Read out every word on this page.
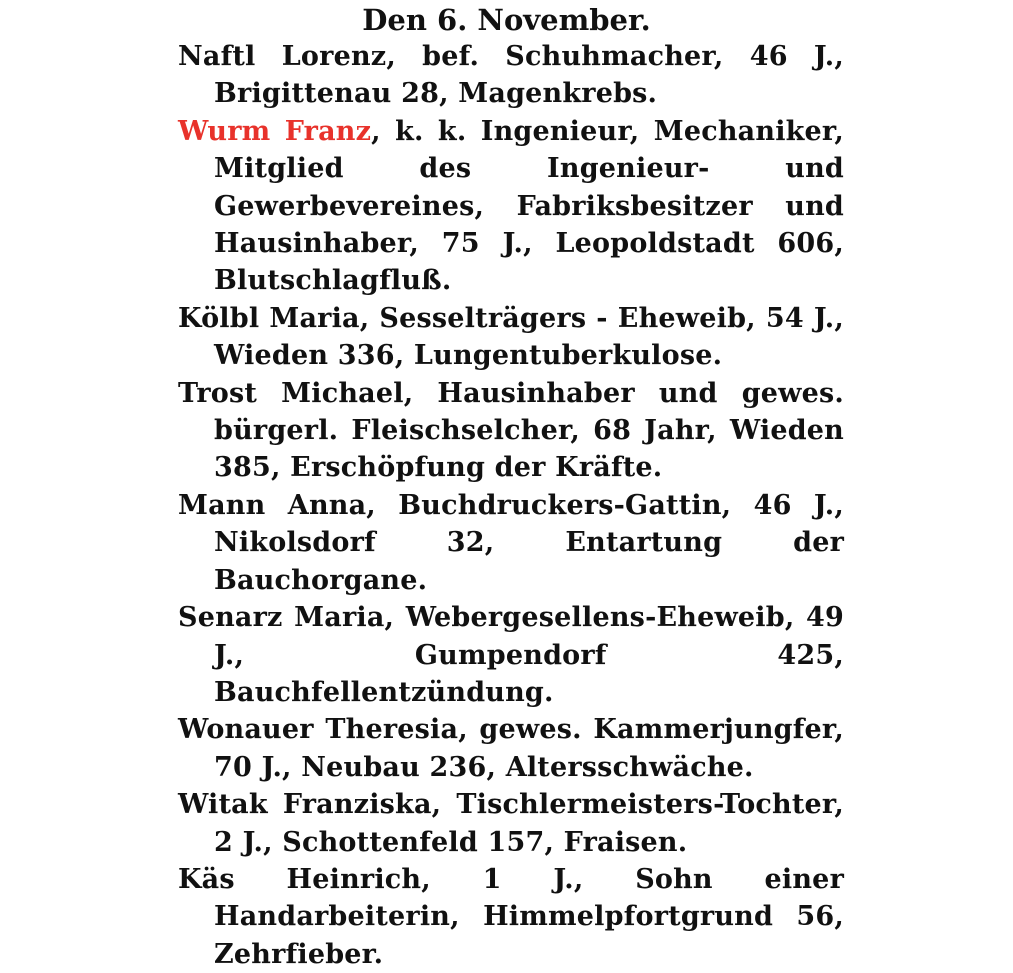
Den 6. November.

Naftl Lorenz, bef. Schuhmacher, 46 J., Brigittenau 28, Magenkrebs.

Wurm Franz, k. k. Ingenieur, Mechaniker, Mitglied des Ingenieur- und Gewerbevereines, Fabriksbesitzer und Hausinhaber, 75 J., Leopoldstadt 606, Blutschlagfluß.

Kölbl Maria, Sesselträgers - Eheweib, 54 J., Wieden 336, Lungentuberkulose.

Trost Michael, Hausinhaber und gewes. bürgerl. Fleischselcher, 68 Jahr, Wieden 385, Erschöpfung der Kräfte.

Mann Anna, Buchdruckers-Gattin, 46 J., Nikolsdorf 32, Entartung der Bauchorgane.

Senarz Maria, Webergesellens-Eheweib, 49 J., Gumpendorf 425, Bauchfellentzündung.

Wonauer Theresia, gewes. Kammerjungfer, 70 J., Neubau 236, Altersschwäche.

Witak Franziska, Tischlermeisters-Tochter, 2 J., Schottenfeld 157, Fraisen.

Käs Heinrich, 1 J., Sohn einer Handarbeiterin, Himmelpfortgrund 56, Zehrfieber.
